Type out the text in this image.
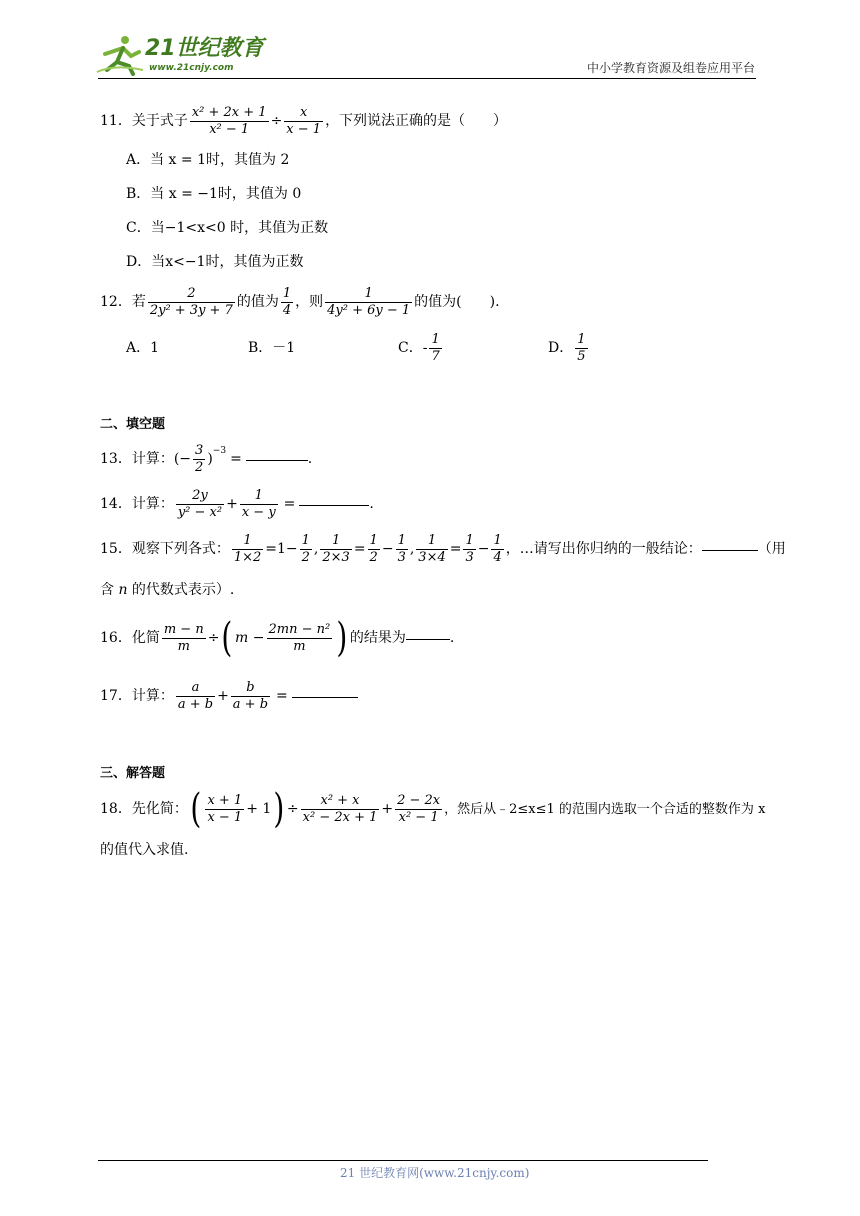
21世纪教育
www.21cnjy.com	中小学教育资源及组卷应用平台
11． 关于式子 $\frac{\text{x² + 2x + 1}}{\text{x² − 1}} \div \frac{x}{x - 1}$ ，下列说法正确的是（　　）
A．当 x = 1时，其值为 2
B．当 x = −1时，其值为 0
C．当−1<x<0 时，其值为正数
D．当x<−1时，其值为正数
12． 若 $\frac{2}{\text{2y² + 3y + 7}}$ 的值为 $\frac{1}{4}$ ，则 $\frac{1}{\text{4y² + 6y − 1}}$ 的值为(　　).
A．1	B．－1	C．- $\frac{1}{7}$	D． $\frac{1}{5}$
二、填空题
13． 计算： (− $\frac{3}{2}$ )
$^{-3}$
=	.
14． 计算： $\frac{2y}{\text{y² − x²}} + \frac{1}{x - y}$ =	.
15． 观察下列各式： $\frac{1}{1\times 2} =1- \frac{1}{2}$ , $\frac{1}{2\times 3} = \frac{1}{2} - \frac{1}{3}$ , $\frac{1}{3\times 4} = \frac{1}{3} - \frac{1}{4}$ ，…请写出你归纳的一般结论：	（用
含 n 的代数式表示）.
16． 化简 $\frac{m - n}{m}$ ÷ ( $m - \frac{\text{2mn − n²}}{m}$ ) 的结果为	.
17． 计算： $\frac{a}{a + b} + \frac{b}{a + b}$ =
三、解答题
18． 先化简： ( $\frac{x + 1}{x - 1} + 1$ ) ÷ $\frac{\text{x² + x}}{\text{x² − 2x + 1}} + \frac{2 - 2x}{\text{x² − 1}}$ ，然后从﹣2≤x≤1 的范围内选取一个合适的整数作为 x
的值代入求值.
21 世纪教育网(www.21cnjy.com)
